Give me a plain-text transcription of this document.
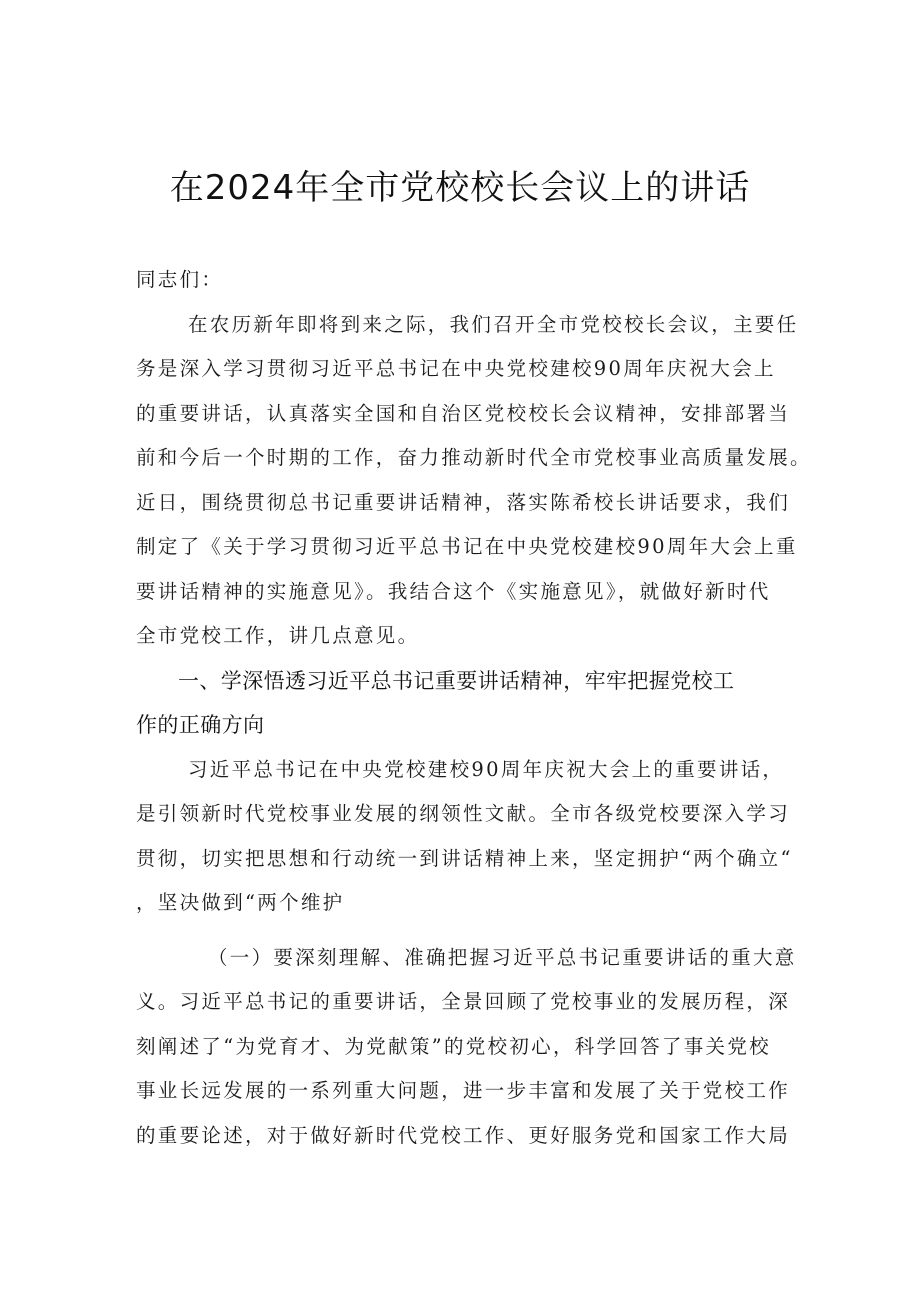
在2024年全市党校校长会议上的讲话
同志们：
在农历新年即将到来之际，我们召开全市党校校长会议，主要任
务是深入学习贯彻习近平总书记在中央党校建校90周年庆祝大会上
的重要讲话，认真落实全国和自治区党校校长会议精神，安排部署当
前和今后一个时期的工作，奋力推动新时代全市党校事业高质量发展。
近日，围绕贯彻总书记重要讲话精神，落实陈希校长讲话要求，我们
制定了《关于学习贯彻习近平总书记在中央党校建校90周年大会上重
要讲话精神的实施意见》。我结合这个《实施意见》，就做好新时代
全市党校工作，讲几点意见。
一、学深悟透习近平总书记重要讲话精神，牢牢把握党校工
作的正确方向
习近平总书记在中央党校建校90周年庆祝大会上的重要讲话，
是引领新时代党校事业发展的纲领性文献。全市各级党校要深入学习
贯彻，切实把思想和行动统一到讲话精神上来，坚定拥护“两个确立“
，坚决做到“两个维护
（一）要深刻理解、准确把握习近平总书记重要讲话的重大意
义。习近平总书记的重要讲话，全景回顾了党校事业的发展历程，深
刻阐述了“为党育才、为党献策”的党校初心，科学回答了事关党校
事业长远发展的一系列重大问题，进一步丰富和发展了关于党校工作
的重要论述，对于做好新时代党校工作、更好服务党和国家工作大局
